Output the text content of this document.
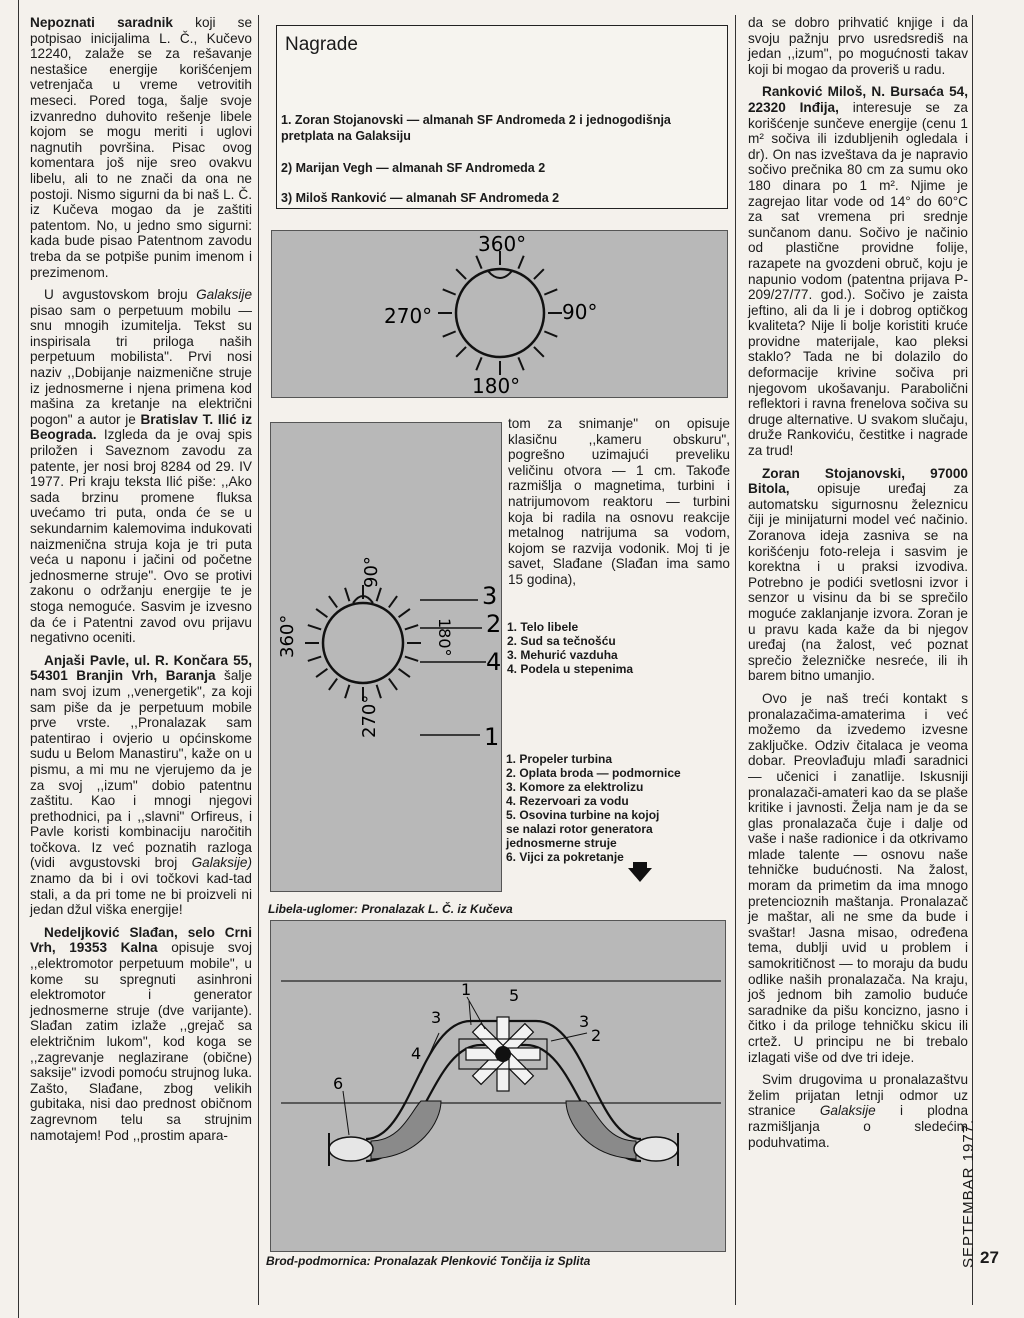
Nepoznati saradnik koji se potpisao inicijalima L. Č., Kučevo 12240, zalaže se za rešavanje nestašice energije korišćenjem vetrenjača u vreme vetrovitih meseci. Pored toga, šalje svoje izvanredno duhovito rešenje libele kojom se mogu meriti i uglovi nagnutih površina. Pisac ovog komentara još nije sreo ovakvu libelu, ali to ne znači da ona ne postoji. Nismo sigurni da bi naš L. Č. iz Kučeva mogao da je zaštiti patentom. No, u jedno smo sigurni: kada bude pisao Patentnom zavodu treba da se potpiše punim imenom i prezimenom.

U avgustovskom broju Galaksije pisao sam o perpetuum mobilu — snu mnogih izumitelja. Tekst su inspirisala tri priloga naših perpetuum mobilista". Prvi nosi naziv ,,Dobijanje naizmenične struje iz jednosmerne i njena primena kod mašina za kretanje na električni pogon" a autor je Bratislav T. Ilić iz Beograda. Izgleda da je ovaj spis priložen i Saveznom zavodu za patente, jer nosi broj 8284 od 29. IV 1977. Pri kraju teksta Ilić piše: ,,Ako sada brzinu promene fluksa uvećamo tri puta, onda će se u sekundarnim kalemovima indukovati naizmenična struja koja je tri puta veća u naponu i jačini od početne jednosmerne struje". Ovo se protivi zakonu o održanju energije te je stoga nemoguće. Sasvim je izvesno da će i Patentni zavod ovu prijavu negativno oceniti.

Anjaši Pavle, ul. R. Končara 55, 54301 Branjin Vrh, Baranja šalje nam svoj izum ,,venergetik", za koji sam piše da je perpetuum mobile prve vrste. ,,Pronalazak sam patentirao i ovjerio u općinskome sudu u Belom Manastiru", kaže on u pismu, a mi mu ne vjerujemo da je za svoj ,,izum" dobio patentnu zaštitu. Kao i mnogi njegovi prethodnici, pa i ,,slavni" Orfireus, i Pavle koristi kombinaciju naročitih točkova. Iz već poznatih razloga (vidi avgustovski broj Galaksije) znamo da bi i ovi točkovi kad-tad stali, a da pri tome ne bi proizveli ni jedan džul viška energije!

Nedeljković Slađan, selo Crni Vrh, 19353 Kalna opisuje svoj ,,elektromotor perpetuum mobile", u kome su spregnuti asinhroni elektromotor i generator jednosmerne struje (dve varijante). Slađan zatim izlaže ,,grejač sa električnim lukom", kod koga se ,,zagrevanje neglazirane (obične) saksije" izvodi pomoću strujnog luka. Zašto, Slađane, zbog velikih gubitaka, nisi dao prednost običnom zagrevnom telu sa strujnim namotajem! Pod ,,prostim apara-

Nagrade
1. Zoran Stojanovski — almanah SF Andromeda 2 i jednogodišnja pretplata na Galaksiju
2) Marijan Vegh — almanah SF Andromeda 2
3) Miloš Ranković — almanah SF Andromeda 2
360°
270°	90°
180°
90°
360°	180°
270°
3
2
4
1
1. Telo libele
2. Sud sa tečnošću
3. Mehurić vazduha
4. Podela u stepenima
1. Propeler turbina
2. Oplata broda — podmornice
3. Komore za elektrolizu
4. Rezervoari za vodu
5. Osovina turbine na kojoj
se nalazi rotor generatora
jednosmerne struje
6. Vijci za pokretanje
Libela-uglomer: Pronalazak L. Č. iz Kučeva

tom za snimanje" on opisuje klasičnu ,,kameru obskuru", pogrešno uzimajući preveliku veličinu otvora — 1 cm. Takođe razmišlja o magnetima, turbini i natrijumovom reaktoru — turbini koja bi radila na osnovu reakcije metalnog natrijuma sa vodom, kojom se razvija vodonik. Moj ti je savet, Slađane (Slađan ima samo 15 godina),

1 5
3	3
2
4
6
Brod-podmornica: Pronalazak Plenković Tončija iz Splita

da se dobro prihvatić knjige i da svoju pažnju prvo usredsrediš na jedan ,,izum", po mogućnosti takav koji bi mogao da proveriš u radu.

Ranković Miloš, N. Bursaća 54, 22320 Inđija, interesuje se za korišćenje sunčeve energije (cenu 1 m² sočiva ili izdubljenih ogledala i dr). On nas izveštava da je napravio sočivo prečnika 80 cm za sumu oko 180 dinara po 1 m². Njime je zagrejao litar vode od 14° do 60°C za sat vremena pri srednje sunčanom danu. Sočivo je načinio od plastične providne folije, razapete na gvozdeni obruč, koju je napunio vodom (patentna prijava P-209/27/77. god.). Sočivo je zaista jeftino, ali da li je i dobrog optičkog kvaliteta? Nije li bolje koristiti kruće providne materijale, kao pleksi staklo? Tada ne bi dolazilo do deformacije krivine sočiva pri njegovom ukošavanju. Parabolični reflektori i ravna frenelova sočiva su druge alternative. U svakom slučaju, druže Rankoviću, čestitke i nagrade za trud!

Zoran Stojanovski, 97000 Bitola, opisuje uređaj za automatsku sigurnosnu železnicu čiji je minijaturni model već načinio. Zoranova ideja zasniva se na korišćenju foto-releja i sasvim je korektna i u praksi izvodiva. Potrebno je podići svetlosni izvor i senzor u visinu da bi se sprečilo moguće zaklanjanje izvora. Zoran je u pravu kada kaže da bi njegov uređaj (na žalost, već poznat sprečio železničke nesreće, ili ih barem bitno umanjio.

Ovo je naš treći kontakt s pronalazačima-amaterima i već možemo da izvedemo izvesne zaključke. Odziv čitalaca je veoma dobar. Preovlađuju mlađi saradnici — učenici i zanatlije. Iskusniji pronalazači-amateri kao da se plaše kritike i javnosti. Želja nam je da se glas pronalazača čuje i dalje od vaše i naše radionice i da otkrivamo mlade talente — osnovu naše tehničke budućnosti. Na žalost, moram da primetim da ima mnogo pretencioznih maštanja. Pronalazač je maštar, ali ne sme da bude i svaštar! Jasna misao, određena tema, dublji uvid u problem i samokritičnost — to moraju da budu odlike naših pronalazača. Na kraju, još jednom bih zamolio buduće saradnike da pišu koncizno, jasno i čitko i da priloge tehničku skicu ili crtež. U principu ne bi trebalo izlagati više od dve tri ideje.

Svim drugovima u pronalazaštvu želim prijatan letnji odmor uz stranice Galaksije i plodna razmišljanja o sledećim poduhvatima.	SEPTEMBAR 1977. 27
